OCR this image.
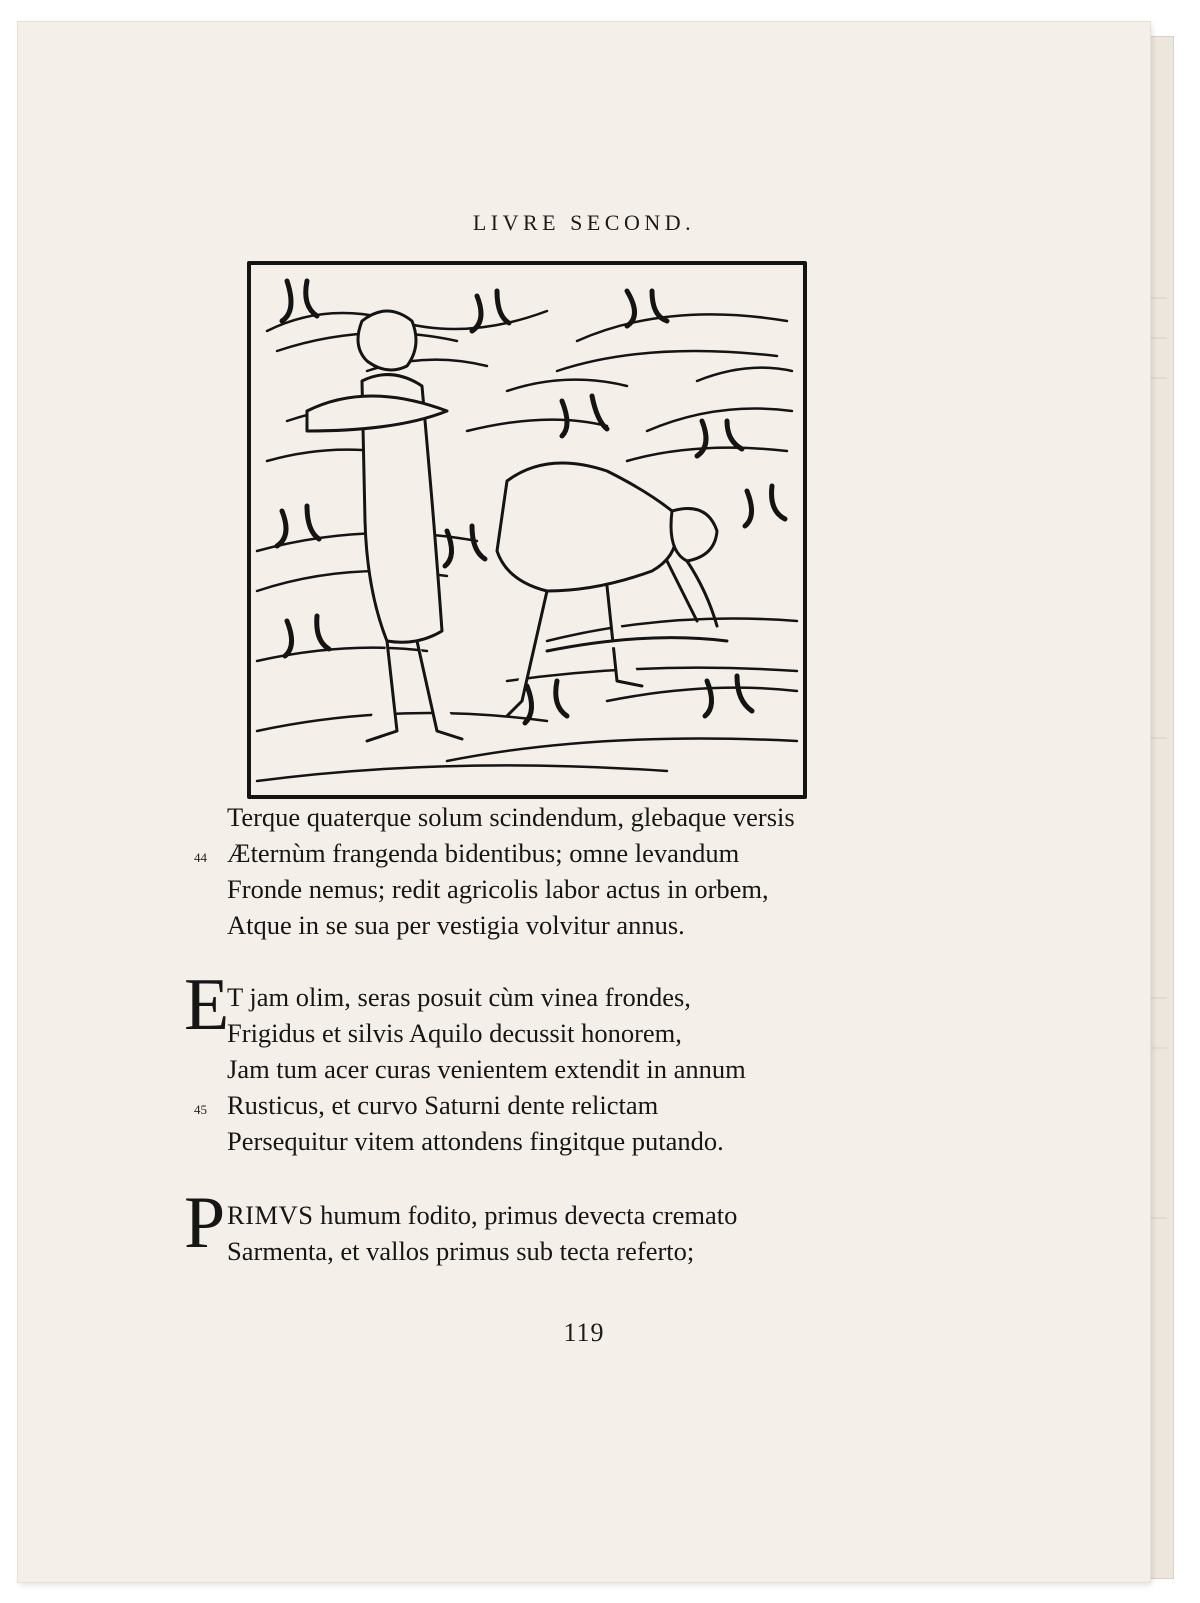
LIVRE SECOND.
Terque quaterque solum scindendum, glebaque versis
44 Æternùm frangenda bidentibus; omne levandum
Fronde nemus; redit agricolis labor actus in orbem,
Atque in se sua per vestigia volvitur annus.
E
T jam olim, seras posuit cùm vinea frondes,
Frigidus et silvis Aquilo decussit honorem,
Jam tum acer curas venientem extendit in annum
45 Rusticus, et curvo Saturni dente relictam
Persequitur vitem attondens fingitque putando.
P RIMVS humum fodito, primus devecta cremato
Sarmenta, et vallos primus sub tecta referto;
119
